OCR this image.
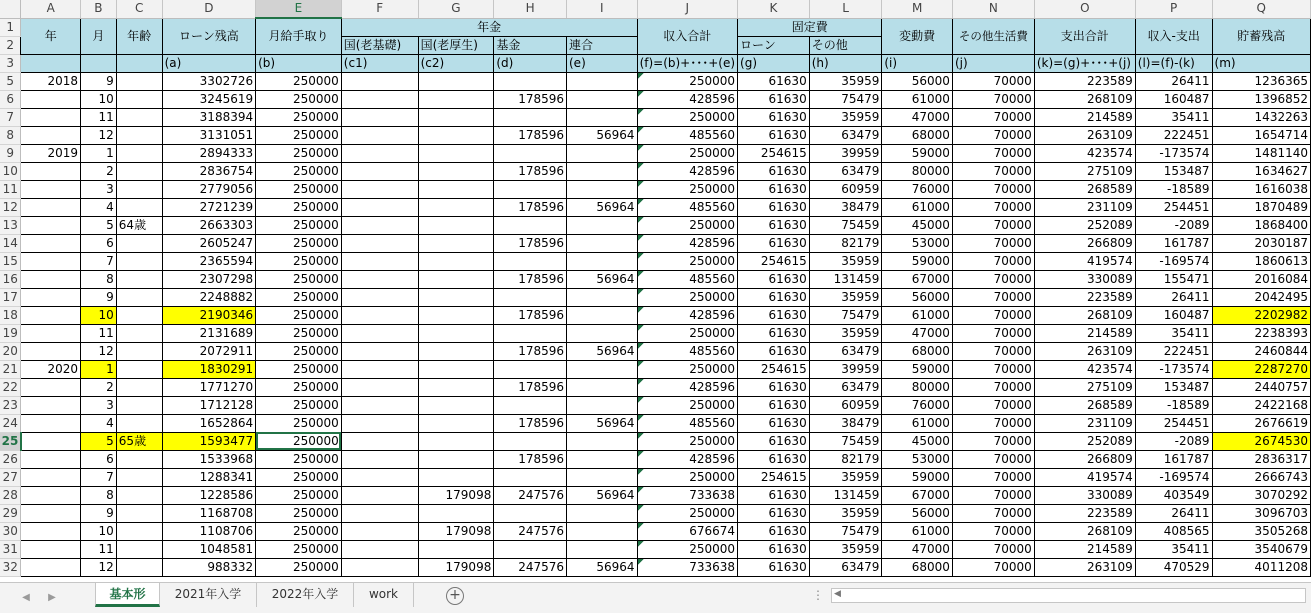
	A	B	C	D	E	F	G	H	I	J	K	L	M	N	O	P	Q
1	年	月	年齢	ローン残高	月給手取り	年金				収入合計	固定費		変動費	その他生活費	支出合計	収入-支出	貯蓄残高
2						国(老基礎)	国(老厚生)	基金	連合		ローン	その他					
3				(a)	(b)	(c1)	(c2)	(d)	(e)	(f)=(b)+･･･+(e)	(g)	(h)	(i)	(j)	(k)=(g)+･･･+(j)	(l)=(f)-(k)	(m)
5	2018	9		3302726	250000					250000	61630	35959	56000	70000	223589	26411	1236365
6		10		3245619	250000			178596		428596	61630	75479	61000	70000	268109	160487	1396852
7		11		3188394	250000					250000	61630	35959	47000	70000	214589	35411	1432263
8		12		3131051	250000			178596	56964	485560	61630	63479	68000	70000	263109	222451	1654714
9	2019	1		2894333	250000					250000	254615	39959	59000	70000	423574	-173574	1481140
10		2		2836754	250000			178596		428596	61630	63479	80000	70000	275109	153487	1634627
11		3		2779056	250000					250000	61630	60959	76000	70000	268589	-18589	1616038
12		4		2721239	250000			178596	56964	485560	61630	38479	61000	70000	231109	254451	1870489
13		5	64歳	2663303	250000					250000	61630	75459	45000	70000	252089	-2089	1868400
14		6		2605247	250000			178596		428596	61630	82179	53000	70000	266809	161787	2030187
15		7		2365594	250000					250000	254615	35959	59000	70000	419574	-169574	1860613
16		8		2307298	250000			178596	56964	485560	61630	131459	67000	70000	330089	155471	2016084
17		9		2248882	250000					250000	61630	35959	56000	70000	223589	26411	2042495
18		10		2190346	250000			178596		428596	61630	75479	61000	70000	268109	160487	2202982
19		11		2131689	250000					250000	61630	35959	47000	70000	214589	35411	2238393
20		12		2072911	250000			178596	56964	485560	61630	63479	68000	70000	263109	222451	2460844
21	2020	1		1830291	250000					250000	254615	39959	59000	70000	423574	-173574	2287270
22		2		1771270	250000			178596		428596	61630	63479	80000	70000	275109	153487	2440757
23		3		1712128	250000					250000	61630	60959	76000	70000	268589	-18589	2422168
24		4		1652864	250000			178596	56964	485560	61630	38479	61000	70000	231109	254451	2676619
25		5	65歳	1593477	250000					250000	61630	75459	45000	70000	252089	-2089	2674530
26		6		1533968	250000			178596		428596	61630	82179	53000	70000	266809	161787	2836317
27		7		1288341	250000					250000	254615	35959	59000	70000	419574	-169574	2666743
28		8		1228586	250000		179098	247576	56964	733638	61630	131459	67000	70000	330089	403549	3070292
29		9		1168708	250000					250000	61630	35959	56000	70000	223589	26411	3096703
30		10		1108706	250000		179098	247576		676674	61630	75479	61000	70000	268109	408565	3505268
31		11		1048581	250000					250000	61630	35959	47000	70000	214589	35411	3540679
32		12		988332	250000		179098	247576	56964	733638	61630	63479	68000	70000	263109	470529	4011208
◀	▶	基本形	2021年入学	2022年入学	work	+	⋮ ◀
